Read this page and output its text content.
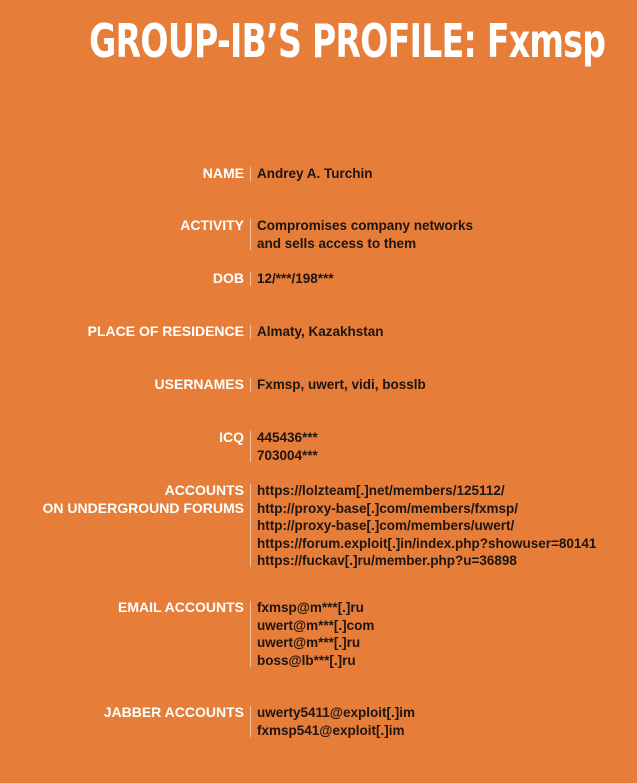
GROUP-IB’S PROFILE: Fxmsp
NAME Andrey A. Turchin
ACTIVITY Compromises company networks
and sells access to them
DOB 12/***/198***
PLACE OF RESIDENCE Almaty, Kazakhstan
USERNAMES Fxmsp, uwert, vidi, bosslb
ICQ 445436***
703004***
ACCOUNTS
ON UNDERGROUND FORUMS
https://lolzteam[.]net/members/125112/
http://proxy-base[.]com/members/fxmsp/
http://proxy-base[.]com/members/uwert/
https://forum.exploit[.]in/index.php?showuser=80141
https://fuckav[.]ru/member.php?u=36898
EMAIL ACCOUNTS fxmsp@m***[.]ru
uwert@m***[.]com
uwert@m***[.]ru
boss@lb***[.]ru
JABBER ACCOUNTS uwerty5411@exploit[.]im
fxmsp541@exploit[.]im
